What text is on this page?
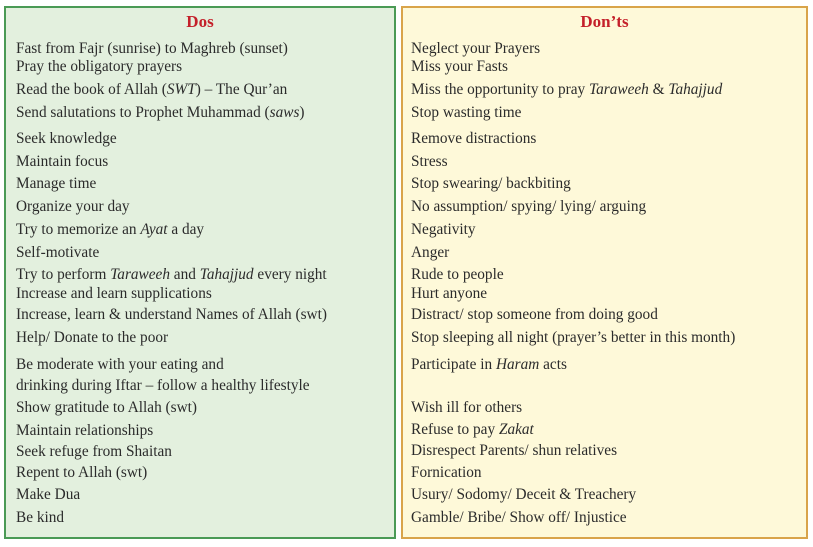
Dos
Fast from Fajr (sunrise) to Maghreb (sunset)
Pray the obligatory prayers
Read the book of Allah (SWT) – The Qur’an
Send salutations to Prophet Muhammad (saws)
Seek knowledge
Maintain focus
Manage time
Organize your day
Try to memorize an Ayat a day
Self-motivate
Try to perform Taraweeh and Tahajjud every night
Increase and learn supplications
Increase, learn & understand Names of Allah (swt)
Help/ Donate to the poor
Be moderate with your eating and
drinking during Iftar – follow a healthy lifestyle
Show gratitude to Allah (swt)
Maintain relationships
Seek refuge from Shaitan
Repent to Allah (swt)
Make Dua
Be kind
Don’ts
Neglect your Prayers
Miss your Fasts
Miss the opportunity to pray Taraweeh & Tahajjud
Stop wasting time
Remove distractions
Stress
Stop swearing/ backbiting
No assumption/ spying/ lying/ arguing
Negativity
Anger
Rude to people
Hurt anyone
Distract/ stop someone from doing good
Stop sleeping all night (prayer’s better in this month)
Participate in Haram acts
Wish ill for others
Refuse to pay Zakat
Disrespect Parents/ shun relatives
Fornication
Usury/ Sodomy/ Deceit & Treachery
Gamble/ Bribe/ Show off/ Injustice
